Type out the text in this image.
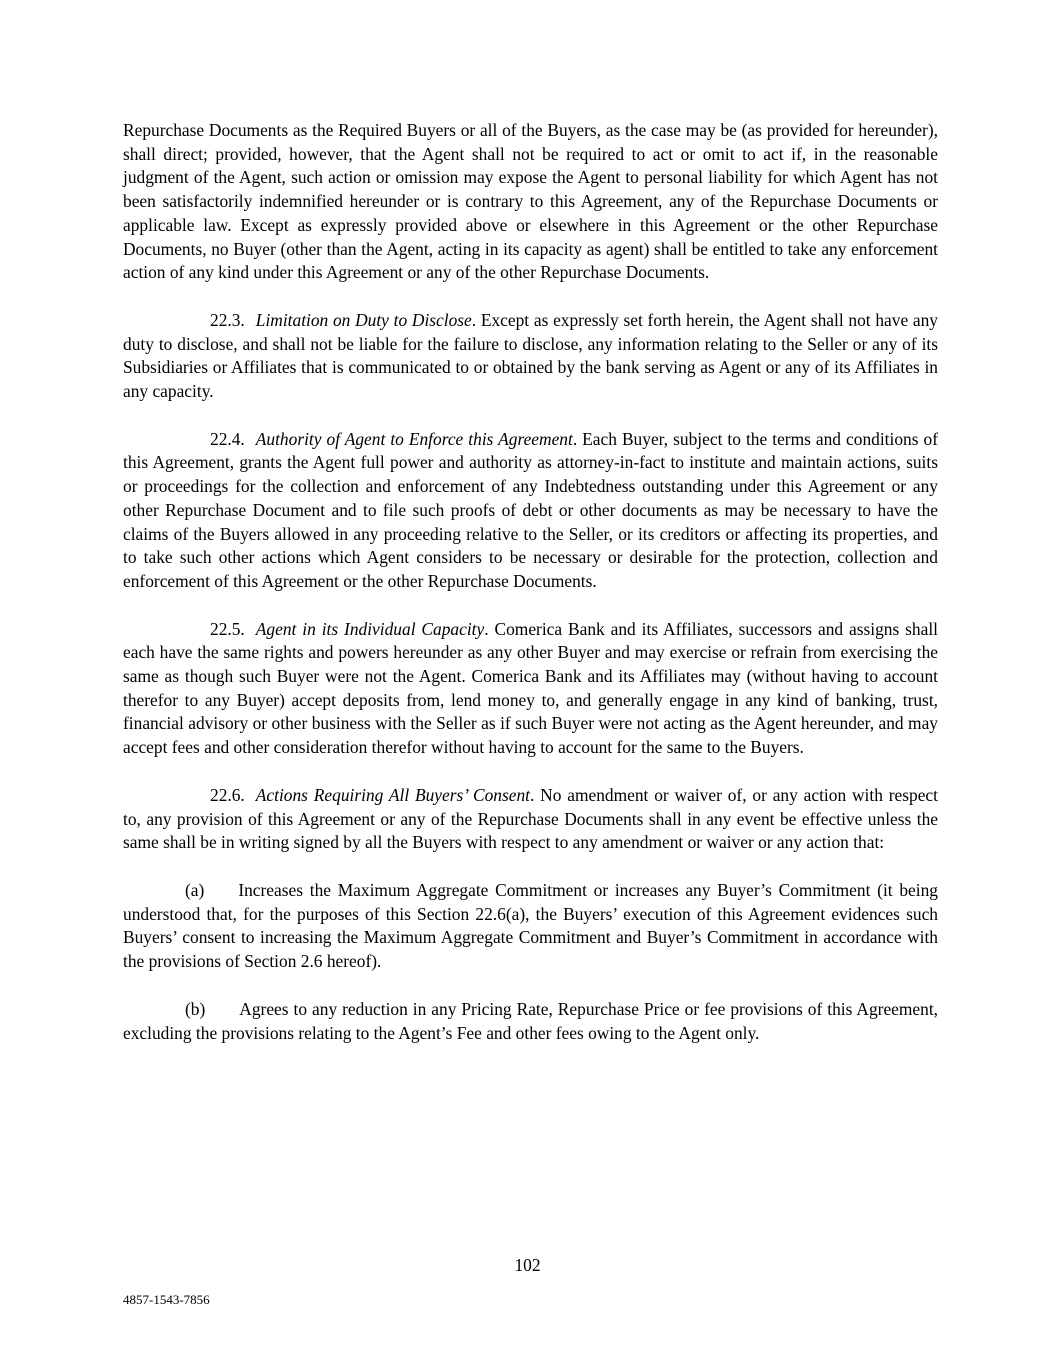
Repurchase Documents as the Required Buyers or all of the Buyers, as the case may be (as provided for hereunder), shall direct; provided, however, that the Agent shall not be required to act or omit to act if, in the reasonable judgment of the Agent, such action or omission may expose the Agent to personal liability for which Agent has not been satisfactorily indemnified hereunder or is contrary to this Agreement, any of the Repurchase Documents or applicable law. Except as expressly provided above or elsewhere in this Agreement or the other Repurchase Documents, no Buyer (other than the Agent, acting in its capacity as agent) shall be entitled to take any enforcement action of any kind under this Agreement or any of the other Repurchase Documents.

22.3. Limitation on Duty to Disclose. Except as expressly set forth herein, the Agent shall not have any duty to disclose, and shall not be liable for the failure to disclose, any information relating to the Seller or any of its Subsidiaries or Affiliates that is communicated to or obtained by the bank serving as Agent or any of its Affiliates in any capacity.

22.4. Authority of Agent to Enforce this Agreement. Each Buyer, subject to the terms and conditions of this Agreement, grants the Agent full power and authority as attorney-in-fact to institute and maintain actions, suits or proceedings for the collection and enforcement of any Indebtedness outstanding under this Agreement or any other Repurchase Document and to file such proofs of debt or other documents as may be necessary to have the claims of the Buyers allowed in any proceeding relative to the Seller, or its creditors or affecting its properties, and to take such other actions which Agent considers to be necessary or desirable for the protection, collection and enforcement of this Agreement or the other Repurchase Documents.

22.5. Agent in its Individual Capacity. Comerica Bank and its Affiliates, successors and assigns shall each have the same rights and powers hereunder as any other Buyer and may exercise or refrain from exercising the same as though such Buyer were not the Agent. Comerica Bank and its Affiliates may (without having to account therefor to any Buyer) accept deposits from, lend money to, and generally engage in any kind of banking, trust, financial advisory or other business with the Seller as if such Buyer were not acting as the Agent hereunder, and may accept fees and other consideration therefor without having to account for the same to the Buyers.

22.6. Actions Requiring All Buyers’ Consent. No amendment or waiver of, or any action with respect to, any provision of this Agreement or any of the Repurchase Documents shall in any event be effective unless the same shall be in writing signed by all the Buyers with respect to any amendment or waiver or any action that:

(a) Increases the Maximum Aggregate Commitment or increases any Buyer’s Commitment (it being understood that, for the purposes of this Section 22.6(a), the Buyers’ execution of this Agreement evidences such Buyers’ consent to increasing the Maximum Aggregate Commitment and Buyer’s Commitment in accordance with the provisions of Section 2.6 hereof).

(b) Agrees to any reduction in any Pricing Rate, Repurchase Price or fee provisions of this Agreement, excluding the provisions relating to the Agent’s Fee and other fees owing to the Agent only.

102
4857-1543-7856
